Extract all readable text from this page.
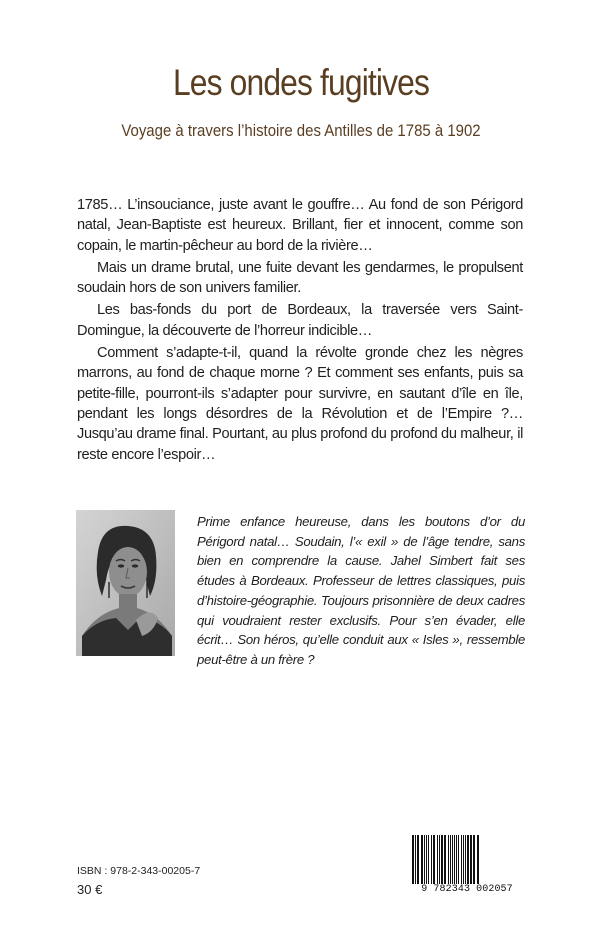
Les ondes fugitives
Voyage à travers l’histoire des Antilles de 1785 à 1902

1785… L’insouciance, juste avant le gouffre… Au fond de son Périgord natal, Jean-Baptiste est heureux. Brillant, fier et innocent, comme son copain, le martin-pêcheur au bord de la rivière…

Mais un drame brutal, une fuite devant les gendarmes, le propulsent soudain hors de son univers familier.

Les bas-fonds du port de Bordeaux, la traversée vers Saint-Domingue, la découverte de l’horreur indicible…

Comment s’adapte-t-il, quand la révolte gronde chez les nègres marrons, au fond de chaque morne ? Et comment ses enfants, puis sa petite-fille, pourront-ils s’adapter pour survivre, en sautant d’île en île, pendant les longs désordres de la Révolution et de l’Empire ?… Jusqu’au drame final. Pourtant, au plus profond du profond du malheur, il reste encore l’espoir…

Prime enfance heureuse, dans les boutons d’or du Périgord natal… Soudain, l’« exil » de l’âge tendre, sans bien en comprendre la cause. Jahel Simbert fait ses études à Bordeaux. Professeur de lettres classiques, puis d’histoire-géographie. Toujours prisonnière de deux cadres qui voudraient rester exclusifs. Pour s’en évader, elle écrit… Son héros, qu’elle conduit aux « Isles », ressemble peut-être à un frère ?
ISBN : 978-2-343-00205-7
30 €	9 782343 002057
